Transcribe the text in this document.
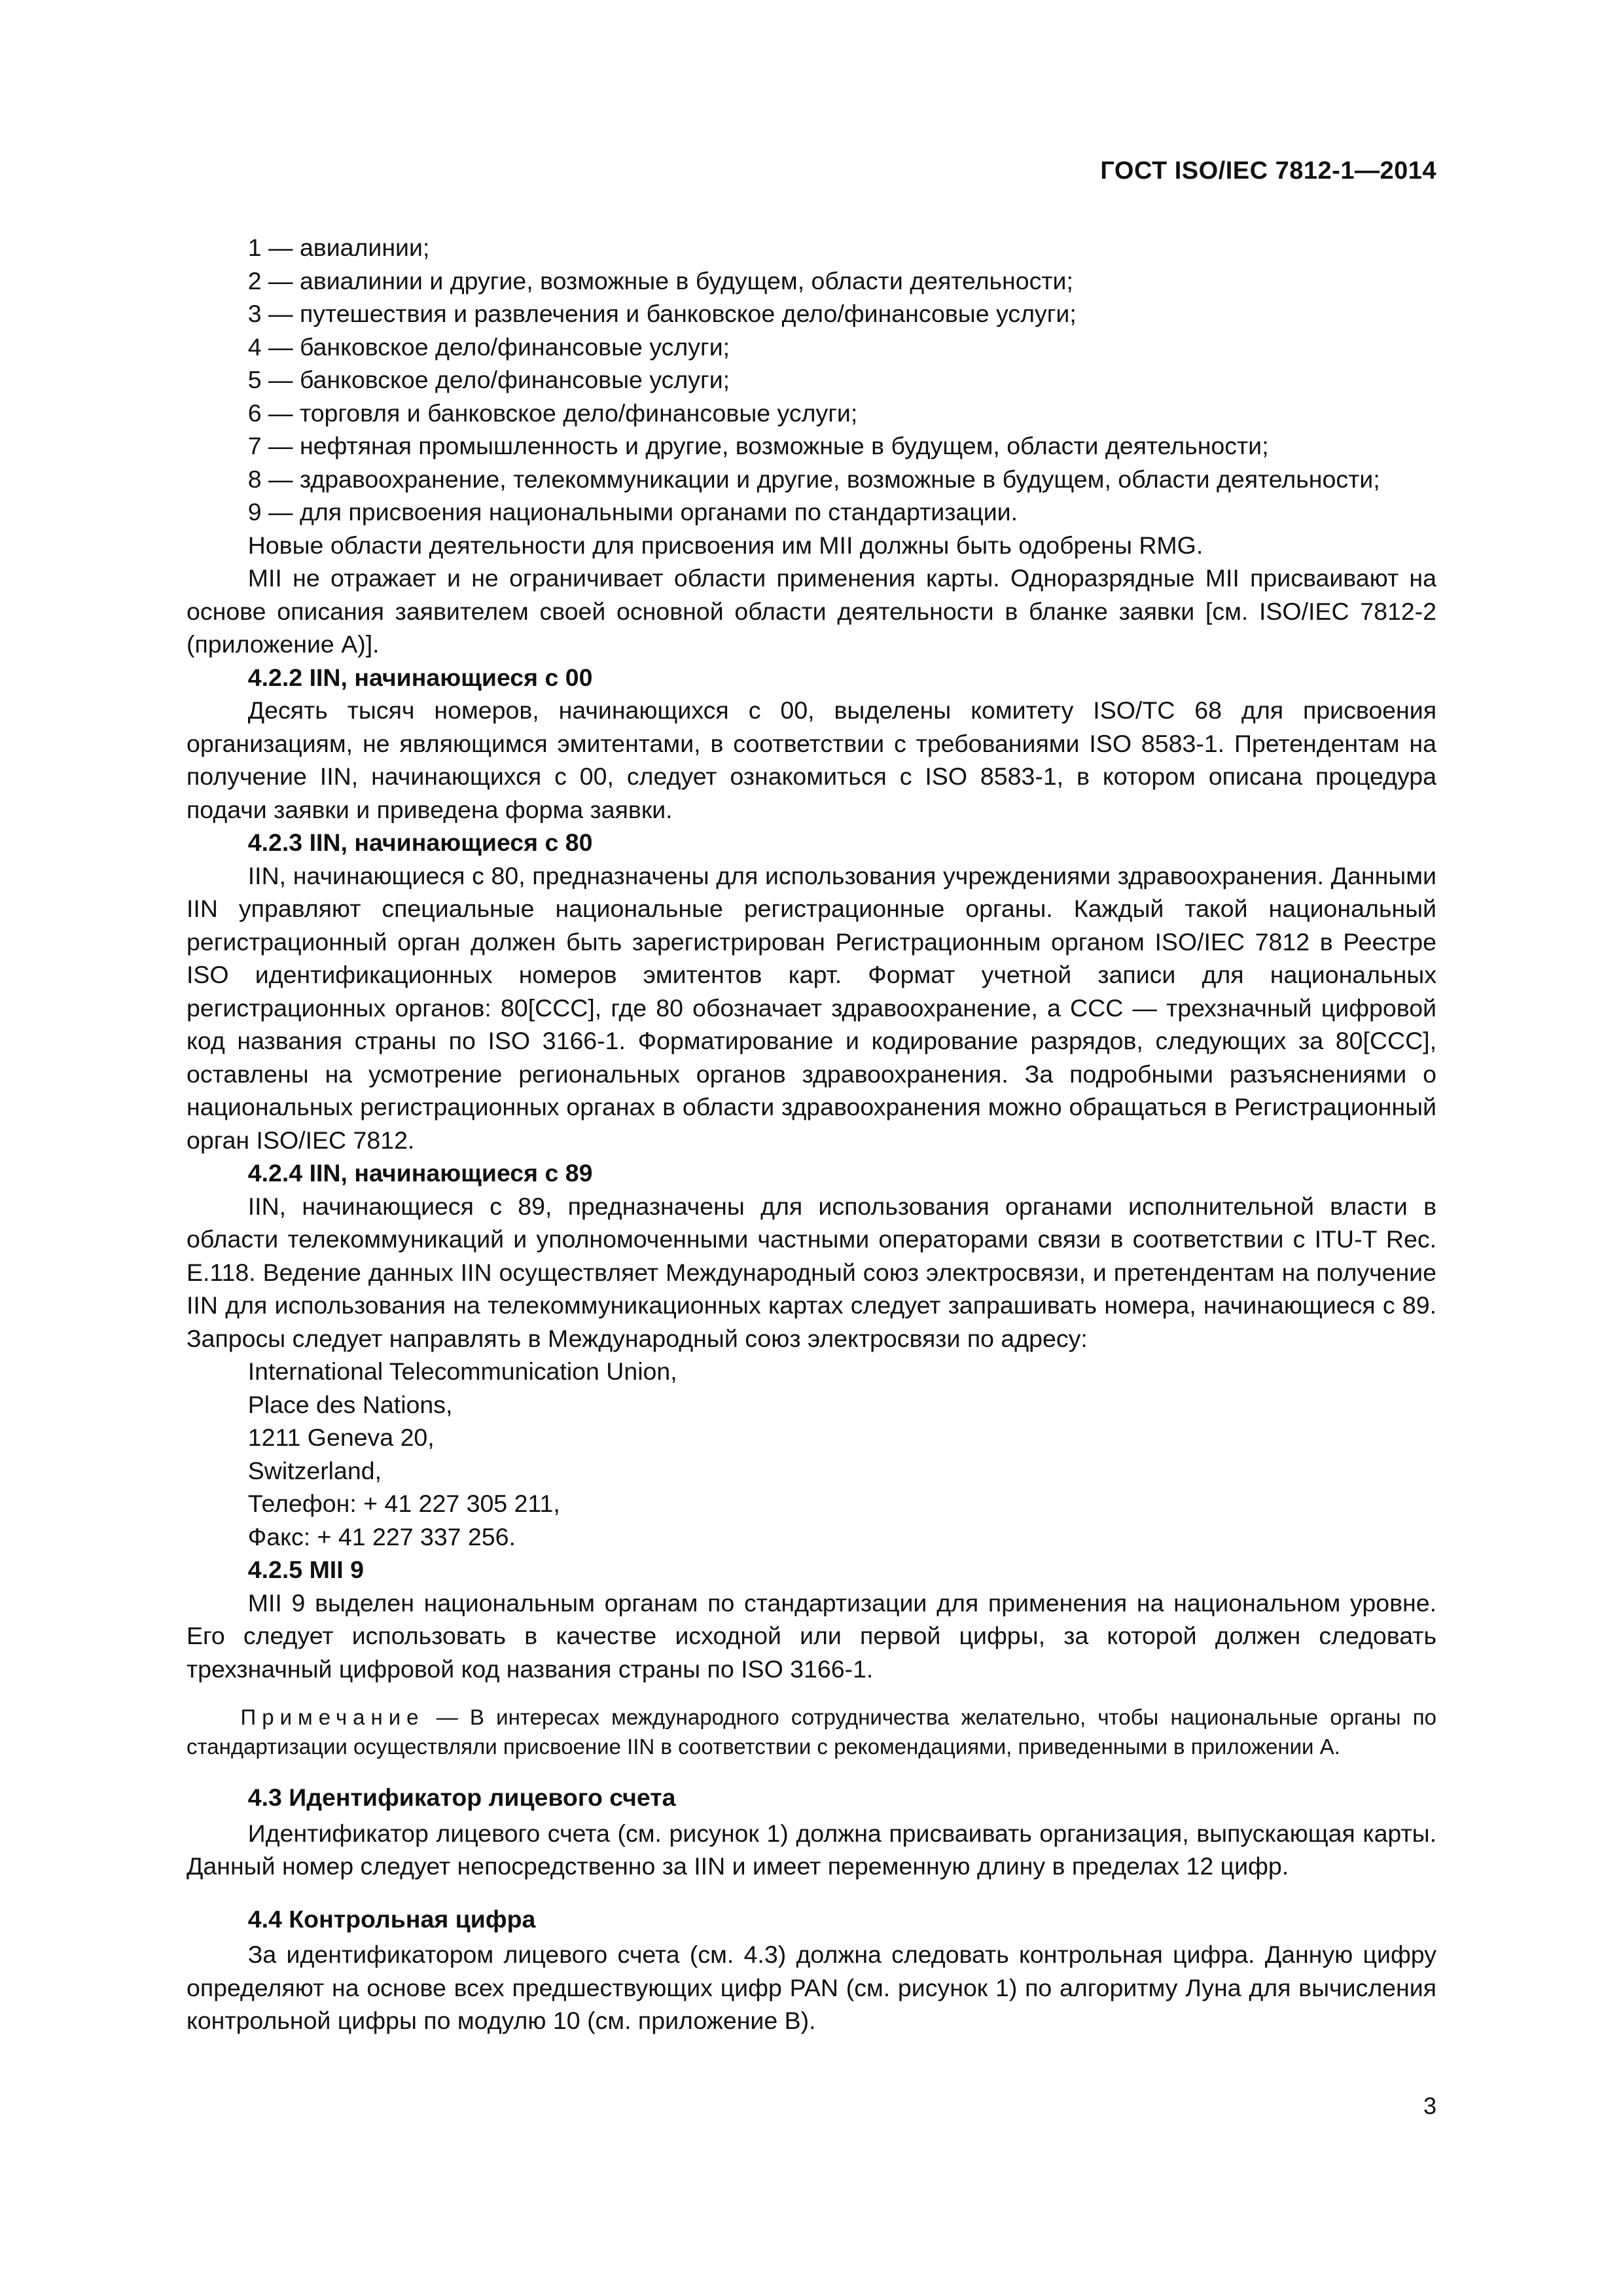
ГОСТ ISO/IEC 7812-1—2014

1 — авиалинии;

2 — авиалинии и другие, возможные в будущем, области деятельности;

3 — путешествия и развлечения и банковское дело/финансовые услуги;

4 — банковское дело/финансовые услуги;

5 — банковское дело/финансовые услуги;

6 — торговля и банковское дело/финансовые услуги;

7 — нефтяная промышленность и другие, возможные в будущем, области деятельности;

8 — здравоохранение, телекоммуникации и другие, возможные в будущем, области деятельности;

9 — для присвоения национальными органами по стандартизации.

Новые области деятельности для присвоения им MII должны быть одобрены RMG.

MII не отражает и не ограничивает области применения карты. Одноразрядные MII присваивают на основе описания заявителем своей основной области деятельности в бланке заявки [см. ISO/IEC 7812-2 (приложение А)].

4.2.2 IIN, начинающиеся с 00

Десять тысяч номеров, начинающихся с 00, выделены комитету ISO/TC 68 для присвоения организациям, не являющимся эмитентами, в соответствии с требованиями ISO 8583-1. Претендентам на получение IIN, начинающихся с 00, следует ознакомиться с ISO 8583-1, в котором описана процедура подачи заявки и приведена форма заявки.

4.2.3 IIN, начинающиеся с 80

IIN, начинающиеся с 80, предназначены для использования учреждениями здравоохранения. Данными IIN управляют специальные национальные регистрационные органы. Каждый такой национальный регистрационный орган должен быть зарегистрирован Регистрационным органом ISO/IEC 7812 в Реестре ISO идентификационных номеров эмитентов карт. Формат учетной записи для национальных регистрационных органов: 80[CCC], где 80 обозначает здравоохранение, а CCC — трехзначный цифровой код названия страны по ISO 3166-1. Форматирование и кодирование разрядов, следующих за 80[CCC], оставлены на усмотрение региональных органов здравоохранения. За подробными разъяснениями о национальных регистрационных органах в области здравоохранения можно обращаться в Регистрационный орган ISO/IEC 7812.

4.2.4 IIN, начинающиеся с 89

IIN, начинающиеся с 89, предназначены для использования органами исполнительной власти в области телекоммуникаций и уполномоченными частными операторами связи в соответствии с ITU-T Rec. E.118. Ведение данных IIN осуществляет Международный союз электросвязи, и претендентам на получение IIN для использования на телекоммуникационных картах следует запрашивать номера, начинающиеся с 89. Запросы следует направлять в Международный союз электросвязи по адресу:

International Telecommunication Union,

Place des Nations,

1211 Geneva 20,

Switzerland,

Телефон: + 41 227 305 211,

Факс: + 41 227 337 256.

4.2.5 MII 9

MII 9 выделен национальным органам по стандартизации для применения на национальном уровне. Его следует использовать в качестве исходной или первой цифры, за которой должен следовать трехзначный цифровой код названия страны по ISO 3166-1.

Примечание — В интересах международного сотрудничества желательно, чтобы национальные органы по стандартизации осуществляли присвоение IIN в соответствии с рекомендациями, приведенными в приложении А.

4.3 Идентификатор лицевого счета

Идентификатор лицевого счета (см. рисунок 1) должна присваивать организация, выпускающая карты. Данный номер следует непосредственно за IIN и имеет переменную длину в пределах 12 цифр.

4.4 Контрольная цифра

За идентификатором лицевого счета (см. 4.3) должна следовать контрольная цифра. Данную цифру определяют на основе всех предшествующих цифр PAN (см. рисунок 1) по алгоритму Луна для вычисления контрольной цифры по модулю 10 (см. приложение В).

3
